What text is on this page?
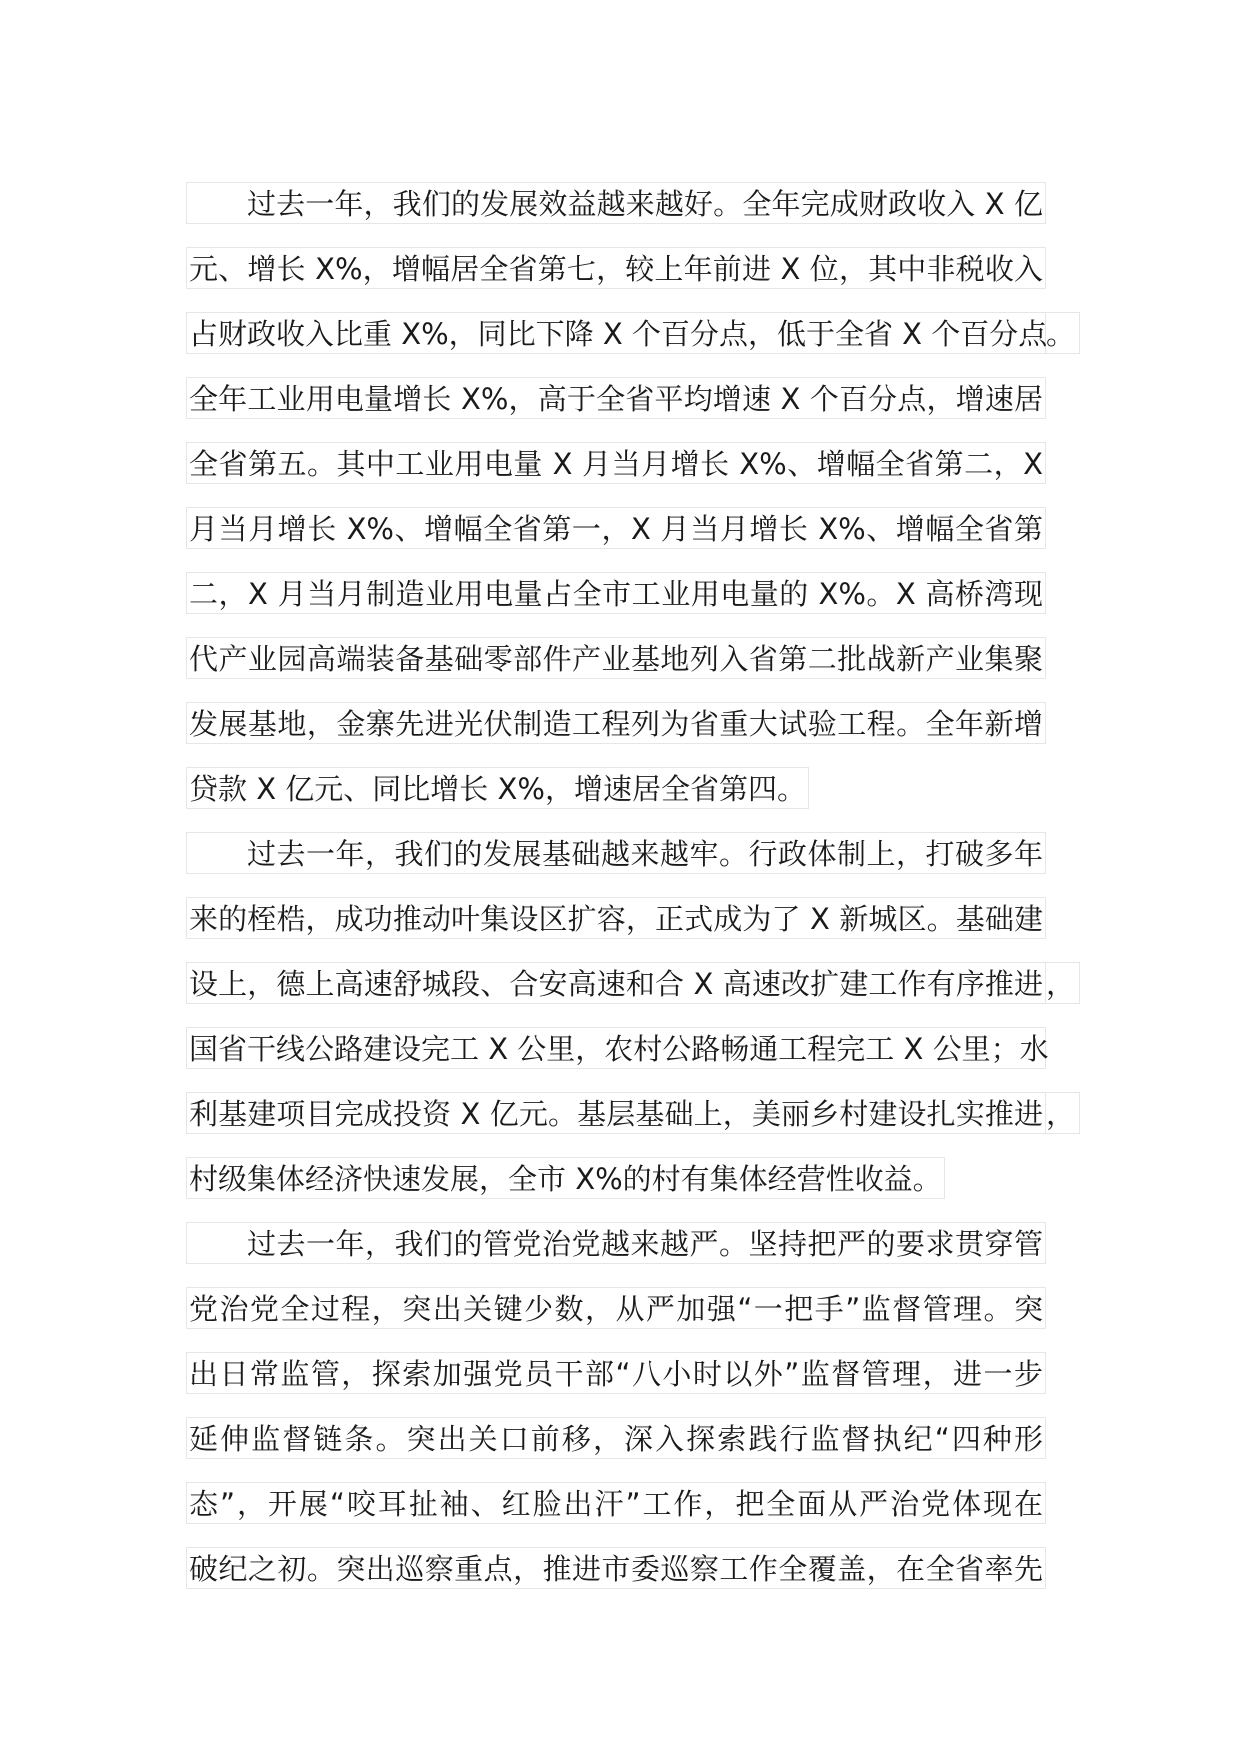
过去一年，我们的发展效益越来越好。全年完成财政收入 X 亿
元、增长 X%，增幅居全省第七，较上年前进 X 位，其中非税收入
占财政收入比重 X%，同比下降 X 个百分点，低于全省 X 个百分点
。
全年工业用电量增长 X%，高于全省平均增速 X 个百分点，增速居
全省第五。其中工业用电量 X 月当月增长 X%、增幅全省第二，X
月当月增长 X%、增幅全省第一，X 月当月增长 X%、增幅全省第
二，X 月当月制造业用电量占全市工业用电量的 X%。X 高桥湾现
代产业园高端装备基础零部件产业基地列入省第二批战新产业集聚
发展基地，金寨先进光伏制造工程列为省重大试验工程。全年新增
贷款 X 亿元、同比增长 X%，增速居全省第四。
过去一年，我们的发展基础越来越牢。行政体制上，打破多年
来的桎梏，成功推动叶集设区扩容，正式成为了 X 新城区。基础建
设上，德上高速舒城段、合安高速和合 X 高速改扩建工作有序推进 ，
国省干线公路建设完工 X 公里，农村公路畅通工程完工 X 公里；水
利基建项目完成投资 X 亿元。基层基础上，美丽乡村建设扎实推进 ，
村级集体经济快速发展，全市 X%的村有集体经营性收益。
过去一年，我们的管党治党越来越严。坚持把严的要求贯穿管
党治党全过程，突出关键少数，从严加强“一把手”监督管理。突
出日常监管，探索加强党员干部“八小时以外”监督管理，进一步
延伸监督链条。突出关口前移，深入探索践行监督执纪“四种形
态”，开展“咬耳扯袖、红脸出汗”工作，把全面从严治党体现在
破纪之初。突出巡察重点，推进市委巡察工作全覆盖，在全省率先
